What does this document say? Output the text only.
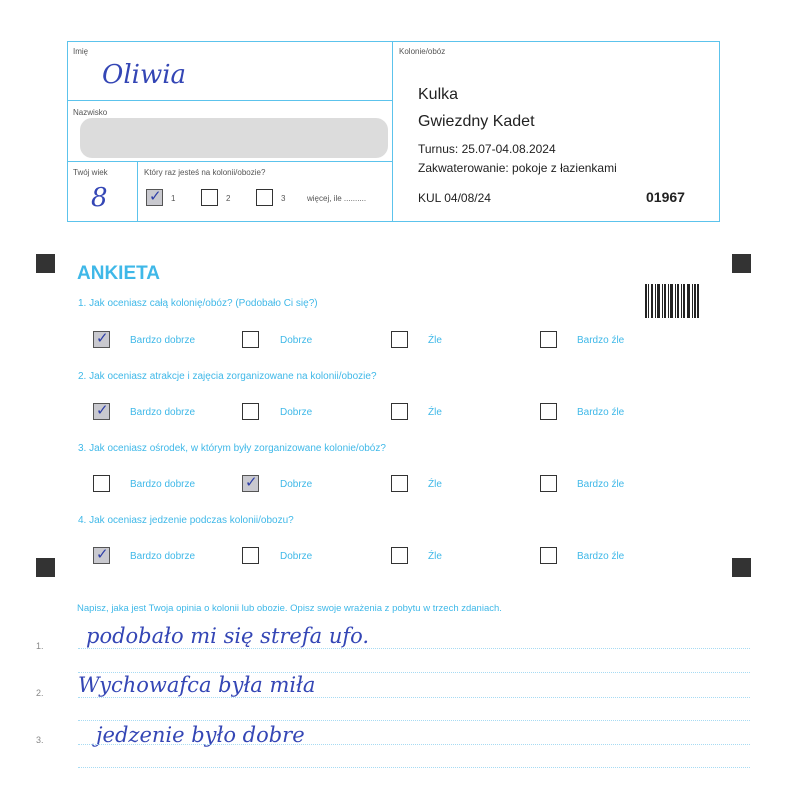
Imię
Oliwia
Nazwisko
Twój wiek
8
Który raz jesteś na kolonii/obozie?
✓
1	2	3	więcej, ile ..........
Kolonie/obóz
Kulka
Gwiezdny Kadet
Turnus: 25.07-04.08.2024
Zakwaterowanie: pokoje z łazienkami
KUL 04/08/24	01967
ANKIETA
1. Jak oceniasz całą kolonię/obóz? (Podobało Ci się?)
✓
Bardzo dobrze	Dobrze	Źle	Bardzo źle
2. Jak oceniasz atrakcje i zajęcia zorganizowane na kolonii/obozie?
✓
Bardzo dobrze	Dobrze	Źle	Bardzo źle
3. Jak oceniasz ośrodek, w którym były zorganizowane kolonie/obóz?
Bardzo dobrze
✓	Dobrze	Źle	Bardzo źle
4. Jak oceniasz jedzenie podczas kolonii/obozu?
✓
Bardzo dobrze	Dobrze	Źle	Bardzo źle
Napisz, jaka jest Twoja opinia o kolonii lub obozie. Opisz swoje wrażenia z pobytu w trzech zdaniach.
1. podobało mi się strefa ufo.
2. Wychowafca była miła
3. jedzenie było dobre
